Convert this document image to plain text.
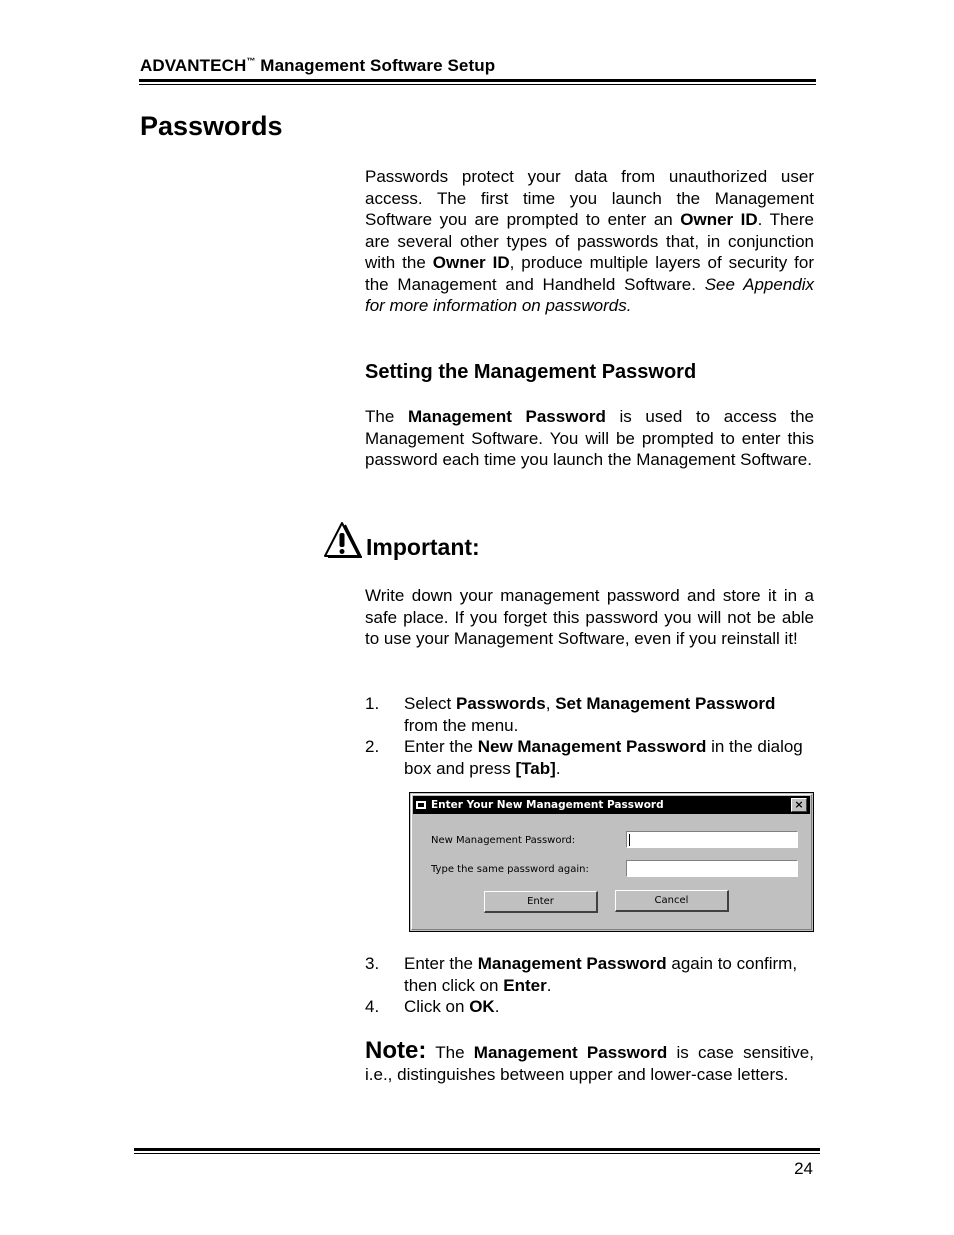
ADVANTECH™ Management Software Setup
Passwords
Passwords protect your data from unauthorized user access. The first time you launch the Management Software you are prompted to enter an Owner ID. There are several other types of passwords that, in conjunction with the Owner ID, produce multiple layers of security for the Management and Handheld Software. See Appendix for more information on passwords.
Setting the Management Password
The Management Password is used to access the Management Software. You will be prompted to enter this password each time you launch the Management Software.
Important:
Write down your management password and store it in a safe place. If you forget this password you will not be able to use your Management Software, even if you reinstall it!
1. Select Passwords, Set Management Password from the menu.
2. Enter the New Management Password in the dialog box and press [Tab].
Enter Your New Management Password	×
New Management Password:
Type the same password again:
Enter	Cancel
3. Enter the Management Password again to confirm, then click on Enter.
4. Click on OK.
Note: The Management Password is case sensitive, i.e., distinguishes between upper and lower-case letters.
24
